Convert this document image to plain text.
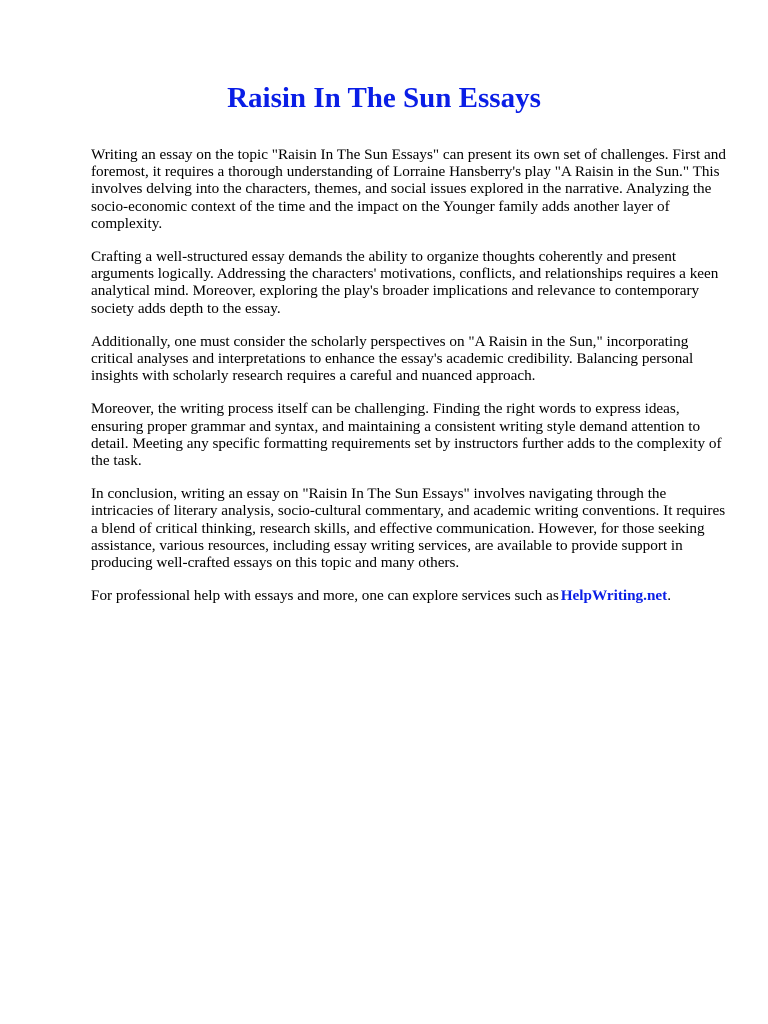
Raisin In The Sun Essays

Writing an essay on the topic "Raisin In The Sun Essays" can present its own set of challenges. First and foremost, it requires a thorough understanding of Lorraine Hansberry's play "A Raisin in the Sun." This involves delving into the characters, themes, and social issues explored in the narrative. Analyzing the socio-economic context of the time and the impact on the Younger family adds another layer of complexity.

Crafting a well-structured essay demands the ability to organize thoughts coherently and present arguments logically. Addressing the characters' motivations, conflicts, and relationships requires a keen analytical mind. Moreover, exploring the play's broader implications and relevance to contemporary society adds depth to the essay.

Additionally, one must consider the scholarly perspectives on "A Raisin in the Sun," incorporating critical analyses and interpretations to enhance the essay's academic credibility. Balancing personal insights with scholarly research requires a careful and nuanced approach.

Moreover, the writing process itself can be challenging. Finding the right words to express ideas, ensuring proper grammar and syntax, and maintaining a consistent writing style demand attention to detail. Meeting any specific formatting requirements set by instructors further adds to the complexity of the task.

In conclusion, writing an essay on "Raisin In The Sun Essays" involves navigating through the intricacies of literary analysis, socio-cultural commentary, and academic writing conventions. It requires a blend of critical thinking, research skills, and effective communication. However, for those seeking assistance, various resources, including essay writing services, are available to provide support in producing well-crafted essays on this topic and many others.

For professional help with essays and more, one can explore services such as HelpWriting.net.
